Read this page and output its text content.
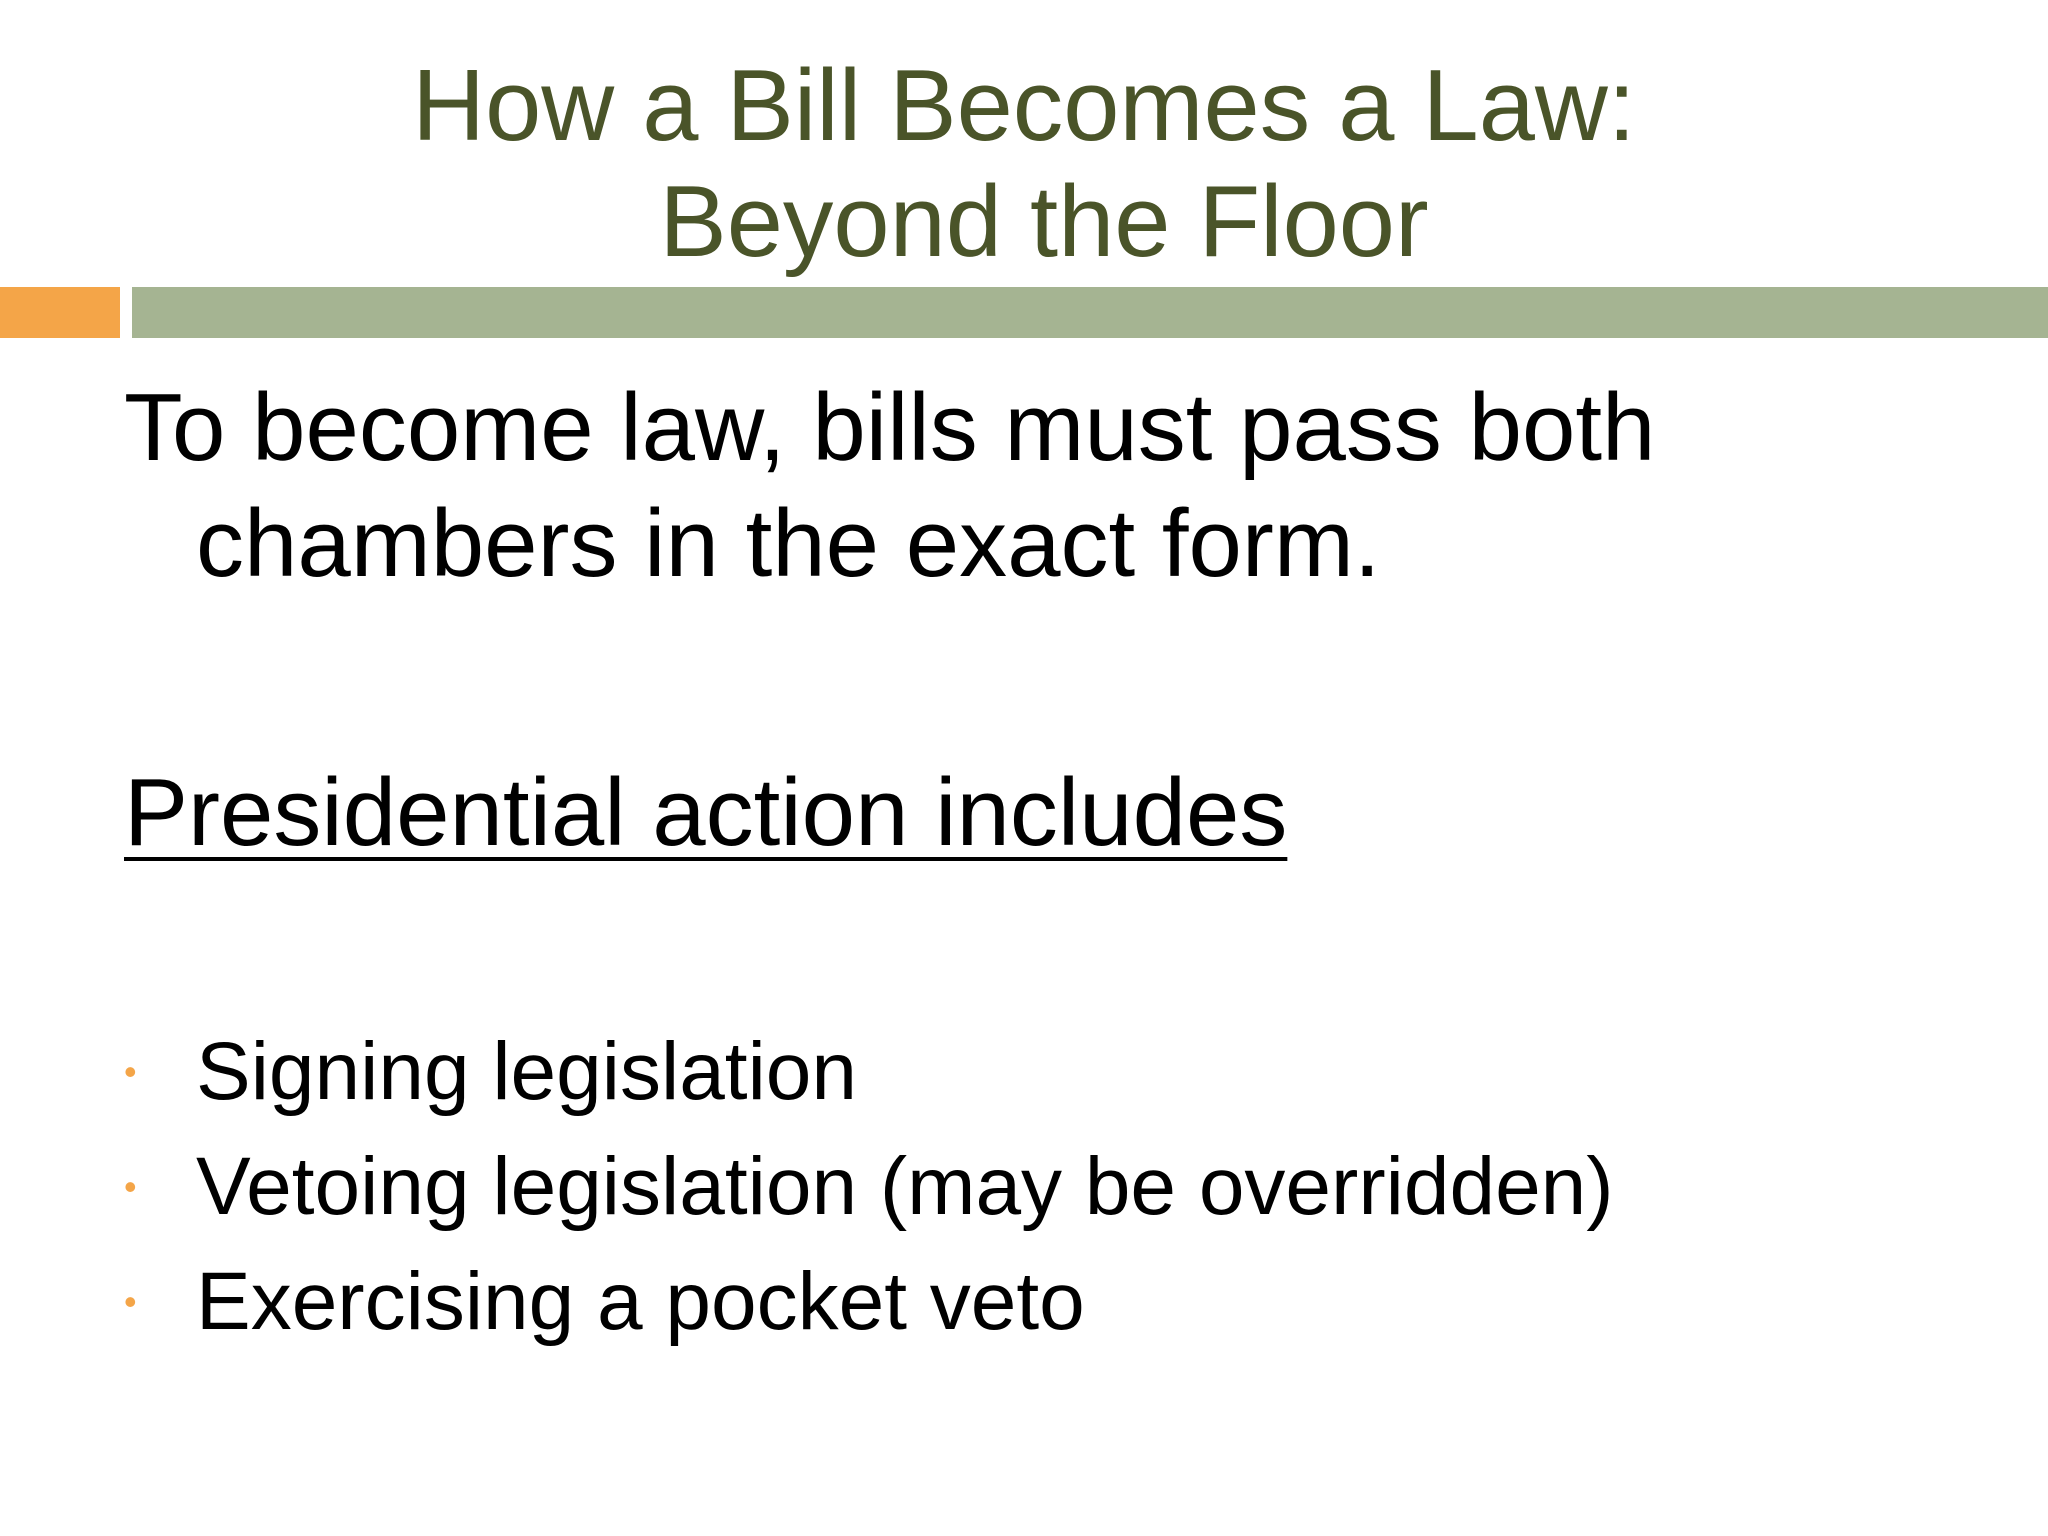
How a Bill Becomes a Law:
Beyond the Floor
To become law, bills must pass both chambers in the exact form.
Presidential action includes
• Signing legislation
• Vetoing legislation (may be overridden)
• Exercising a pocket veto
